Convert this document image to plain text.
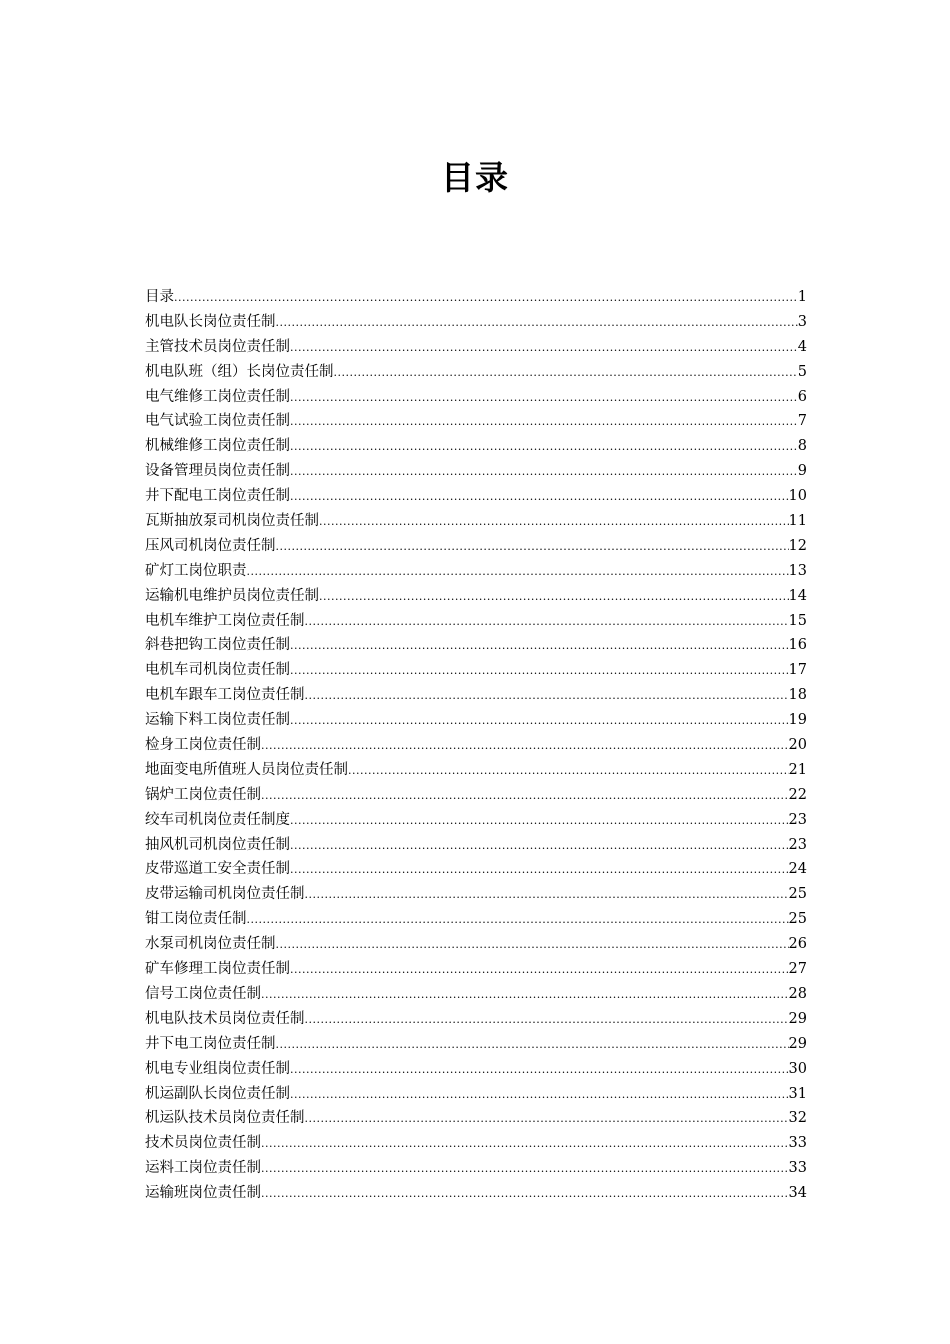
目录
目录 .....	1
机电队长岗位责任制 .....	3
主管技术员岗位责任制 .....	4
机电队班（组）长岗位责任制 .....	5
电气维修工岗位责任制 .....	6
电气试验工岗位责任制 .....	7
机械维修工岗位责任制 .....	8
设备管理员岗位责任制 .....	9
井下配电工岗位责任制 .....	10
瓦斯抽放泵司机岗位责任制 .....	11
压风司机岗位责任制 .....	12
矿灯工岗位职责 .....	13
运输机电维护员岗位责任制 .....	14
电机车维护工岗位责任制 .....	15
斜巷把钩工岗位责任制 .....	16
电机车司机岗位责任制 .....	17
电机车跟车工岗位责任制 .....	18
运输下料工岗位责任制 .....	19
检身工岗位责任制 .....	20
地面变电所值班人员岗位责任制 .....	21
锅炉工岗位责任制 .....	22
绞车司机岗位责任制度 .....	23
抽风机司机岗位责任制 .....	23
皮带巡道工安全责任制 .....	24
皮带运输司机岗位责任制 .....	25
钳工岗位责任制 .....	25
水泵司机岗位责任制 .....	26
矿车修理工岗位责任制 .....	27
信号工岗位责任制 .....	28
机电队技术员岗位责任制 .....	29
井下电工岗位责任制 .....	29
机电专业组岗位责任制 .....	30
机运副队长岗位责任制 .....	31
机运队技术员岗位责任制 .....	32
技术员岗位责任制 .....	33
运料工岗位责任制 .....	33
运输班岗位责任制 .....	34
